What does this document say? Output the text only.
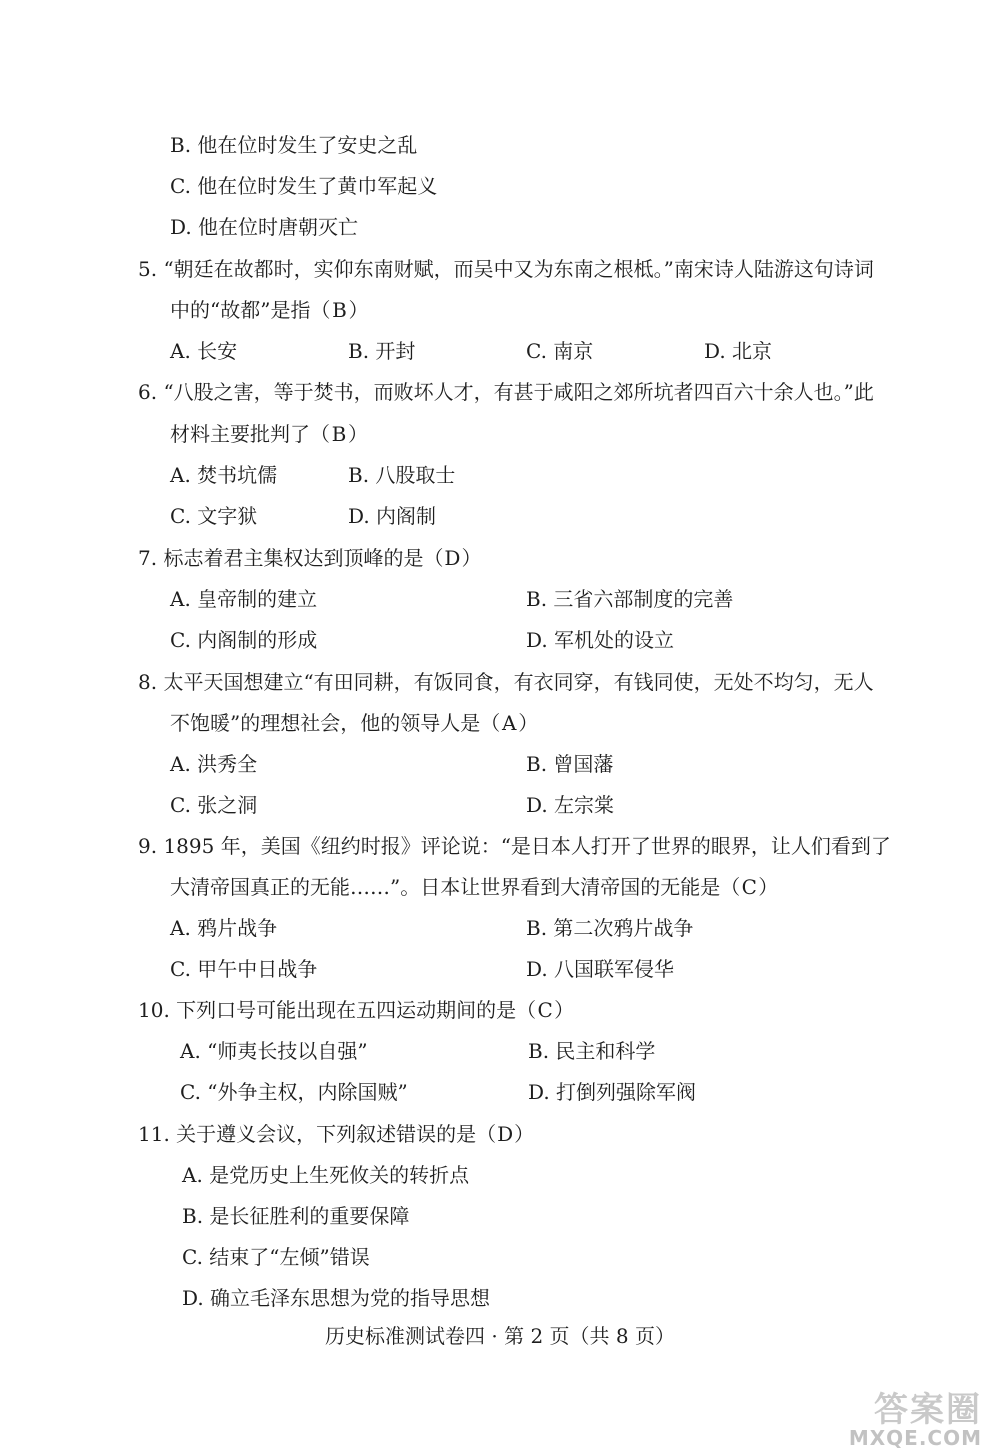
B. 他在位时发生了安史之乱
C. 他在位时发生了黄巾军起义
D. 他在位时唐朝灭亡
5. “朝廷在故都时，实仰东南财赋，而吴中又为东南之根柢。”南宋诗人陆游这句诗词
中的“故都”是指（B）
A. 长安	B. 开封	C. 南京	D. 北京
6. “八股之害，等于焚书，而败坏人才，有甚于咸阳之郊所坑者四百六十余人也。”此
材料主要批判了（B）
A. 焚书坑儒	B. 八股取士
C. 文字狱	D. 内阁制
7. 标志着君主集权达到顶峰的是（D）
A. 皇帝制的建立	B. 三省六部制度的完善
C. 内阁制的形成	D. 军机处的设立
8. 太平天国想建立“有田同耕，有饭同食，有衣同穿，有钱同使，无处不均匀，无人
不饱暖”的理想社会，他的领导人是（A）
A. 洪秀全	B. 曾国藩
C. 张之洞	D. 左宗棠
9. 1895 年，美国《纽约时报》评论说：“是日本人打开了世界的眼界，让人们看到了
大清帝国真正的无能……”。日本让世界看到大清帝国的无能是（C）
A. 鸦片战争	B. 第二次鸦片战争
C. 甲午中日战争	D. 八国联军侵华
10. 下列口号可能出现在五四运动期间的是（C）
A. “师夷长技以自强”	B. 民主和科学
C. “外争主权，内除国贼”	D. 打倒列强除军阀
11. 关于遵义会议，下列叙述错误的是（D）
A. 是党历史上生死攸关的转折点
B. 是长征胜利的重要保障
C. 结束了“左倾”错误
D. 确立毛泽东思想为党的指导思想
历史标准测试卷四 · 第 2 页（共 8 页）
答案圈
MXQE.COM
